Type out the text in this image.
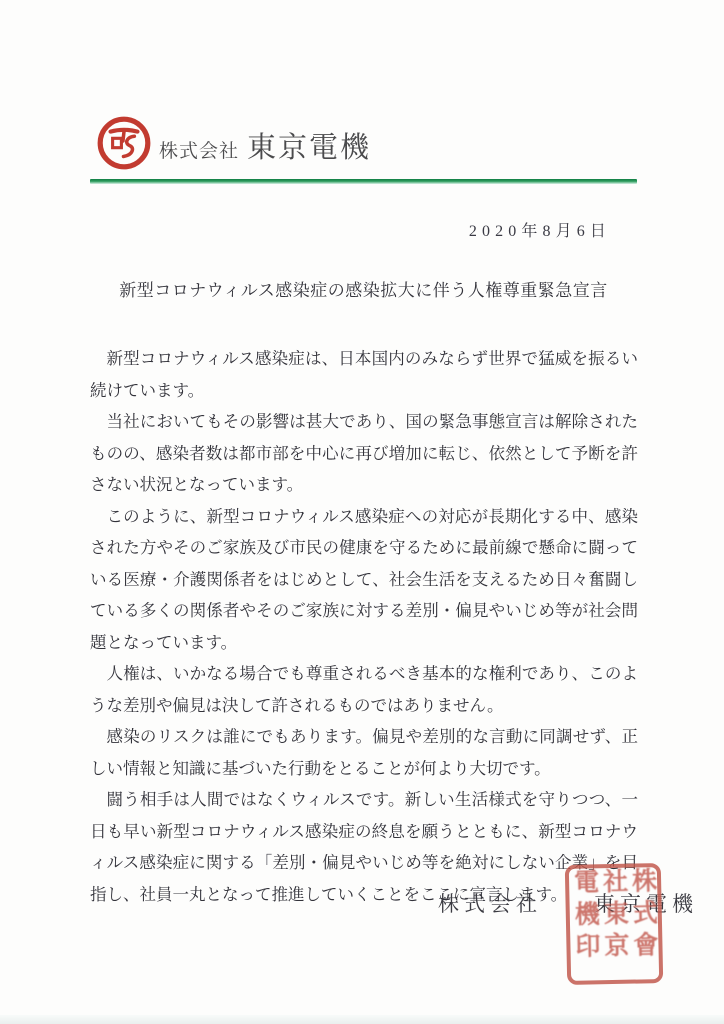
株式会社 東京電機
2020年8月6日
新型コロナウィルス感染症の感染拡大に伴う人権尊重緊急宣言

新型コロナウィルス感染症は、日本国内のみならず世界で猛威を振るい続けています。

当社においてもその影響は甚大であり、国の緊急事態宣言は解除されたものの、感染者数は都市部を中心に再び増加に転じ、依然として予断を許さない状況となっています。

このように、新型コロナウィルス感染症への対応が長期化する中、感染された方やそのご家族及び市民の健康を守るために最前線で懸命に闘っている医療・介護関係者をはじめとして、社会生活を支えるため日々奮闘している多くの関係者やそのご家族に対する差別・偏見やいじめ等が社会問題となっています。

人権は、いかなる場合でも尊重されるべき基本的な権利であり、このような差別や偏見は決して許されるものではありません。

感染のリスクは誰にでもあります。偏見や差別的な言動に同調せず、正しい情報と知識に基づいた行動をとることが何より大切です。

闘う相手は人間ではなくウィルスです。新しい生活様式を守りつつ、一日も早い新型コロナウィルス感染症の終息を願うとともに、新型コロナウィルス感染症に関する「差別・偏見やいじめ等を絶対にしない企業」を目指し、社員一丸となって推進していくことをここに宣言します。

株式会社　　東京電機
株式會社東京電機印
